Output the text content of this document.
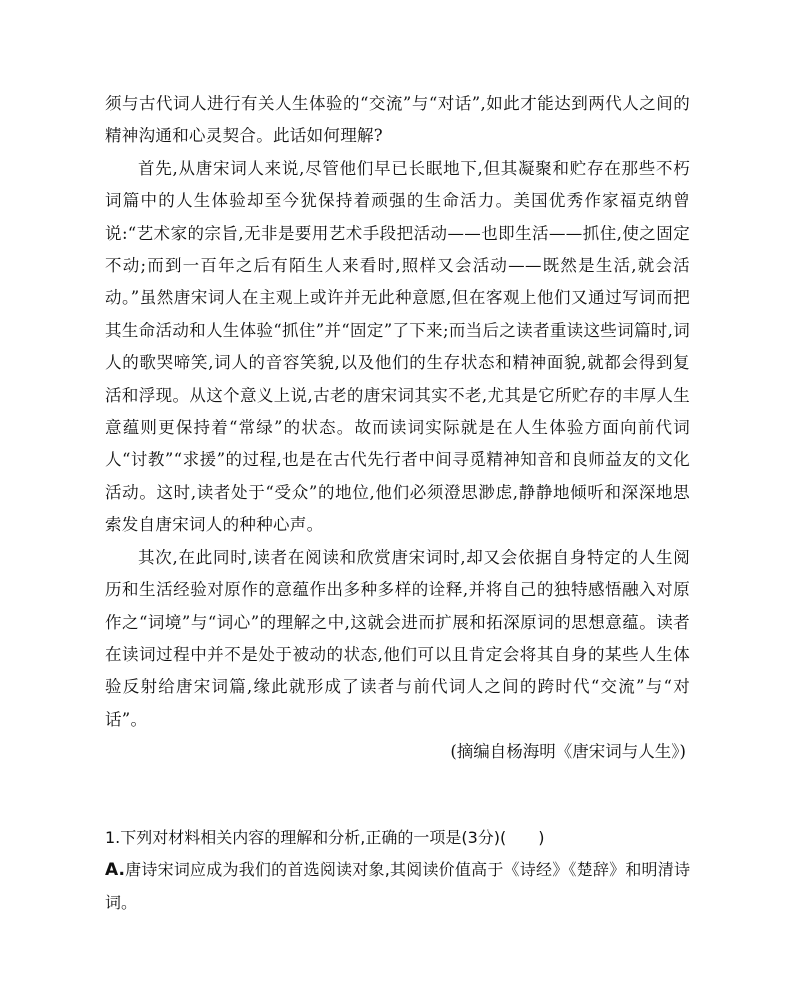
须与古代词人进行有关人生体验的“交流”与“对话”,如此才能达到两代人之间的精神沟通和心灵契合。此话如何理解?

首先,从唐宋词人来说,尽管他们早已长眠地下,但其凝聚和贮存在那些不朽词篇中的人生体验却至今犹保持着顽强的生命活力。美国优秀作家福克纳曾说:“艺术家的宗旨,无非是要用艺术手段把活动——也即生活——抓住,使之固定不动;而到一百年之后有陌生人来看时,照样又会活动——既然是生活,就会活动。”虽然唐宋词人在主观上或许并无此种意愿,但在客观上他们又通过写词而把其生命活动和人生体验“抓住”并“固定”了下来;而当后之读者重读这些词篇时,词人的歌哭啼笑,词人的音容笑貌,以及他们的生存状态和精神面貌,就都会得到复活和浮现。从这个意义上说,古老的唐宋词其实不老,尤其是它所贮存的丰厚人生意蕴则更保持着“常绿”的状态。故而读词实际就是在人生体验方面向前代词人“讨教”“求援”的过程,也是在古代先行者中间寻觅精神知音和良师益友的文化活动。这时,读者处于“受众”的地位,他们必须澄思渺虑,静静地倾听和深深地思索发自唐宋词人的种种心声。

其次,在此同时,读者在阅读和欣赏唐宋词时,却又会依据自身特定的人生阅历和生活经验对原作的意蕴作出多种多样的诠释,并将自己的独特感悟融入对原作之“词境”与“词心”的理解之中,这就会进而扩展和拓深原词的思想意蕴。读者在读词过程中并不是处于被动的状态,他们可以且肯定会将其自身的某些人生体验反射给唐宋词篇,缘此就形成了读者与前代词人之间的跨时代“交流”与“对话”。

(摘编自杨海明《唐宋词与人生》)

1.下列对材料相关内容的理解和分析,正确的一项是(3分)(   )

A.唐诗宋词应成为我们的首选阅读对象,其阅读价值高于《诗经》《楚辞》和明清诗词。
